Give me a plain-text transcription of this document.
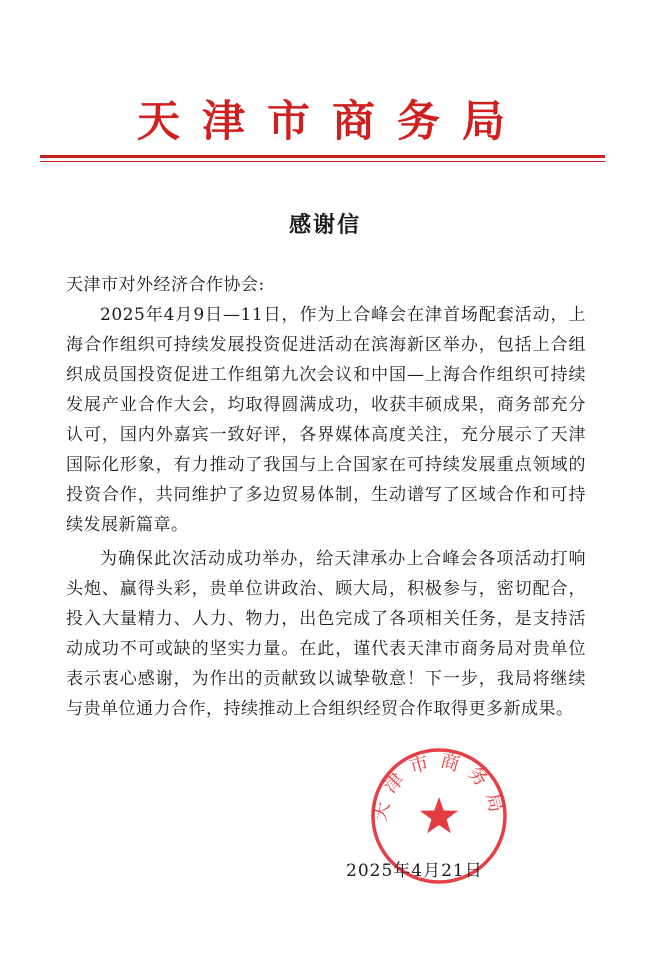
天津市商务局
感谢信

天津市对外经济合作协会:

2025年4月9日—11日，作为上合峰会在津首场配套活动，上海合作组织可持续发展投资促进活动在滨海新区举办，包括上合组织成员国投资促进工作组第九次会议和中国—上海合作组织可持续发展产业合作大会，均取得圆满成功，收获丰硕成果，商务部充分认可，国内外嘉宾一致好评，各界媒体高度关注，充分展示了天津国际化形象，有力推动了我国与上合国家在可持续发展重点领域的投资合作，共同维护了多边贸易体制，生动谱写了区域合作和可持续发展新篇章。

为确保此次活动成功举办，给天津承办上合峰会各项活动打响头炮、赢得头彩，贵单位讲政治、顾大局，积极参与，密切配合，投入大量精力、人力、物力，出色完成了各项相关任务，是支持活动成功不可或缺的坚实力量。在此，谨代表天津市商务局对贵单位表示衷心感谢，为作出的贡献致以诚挚敬意！下一步，我局将继续与贵单位通力合作，持续推动上合组织经贸合作取得更多新成果。

天津市商务局
2025年4月21日
